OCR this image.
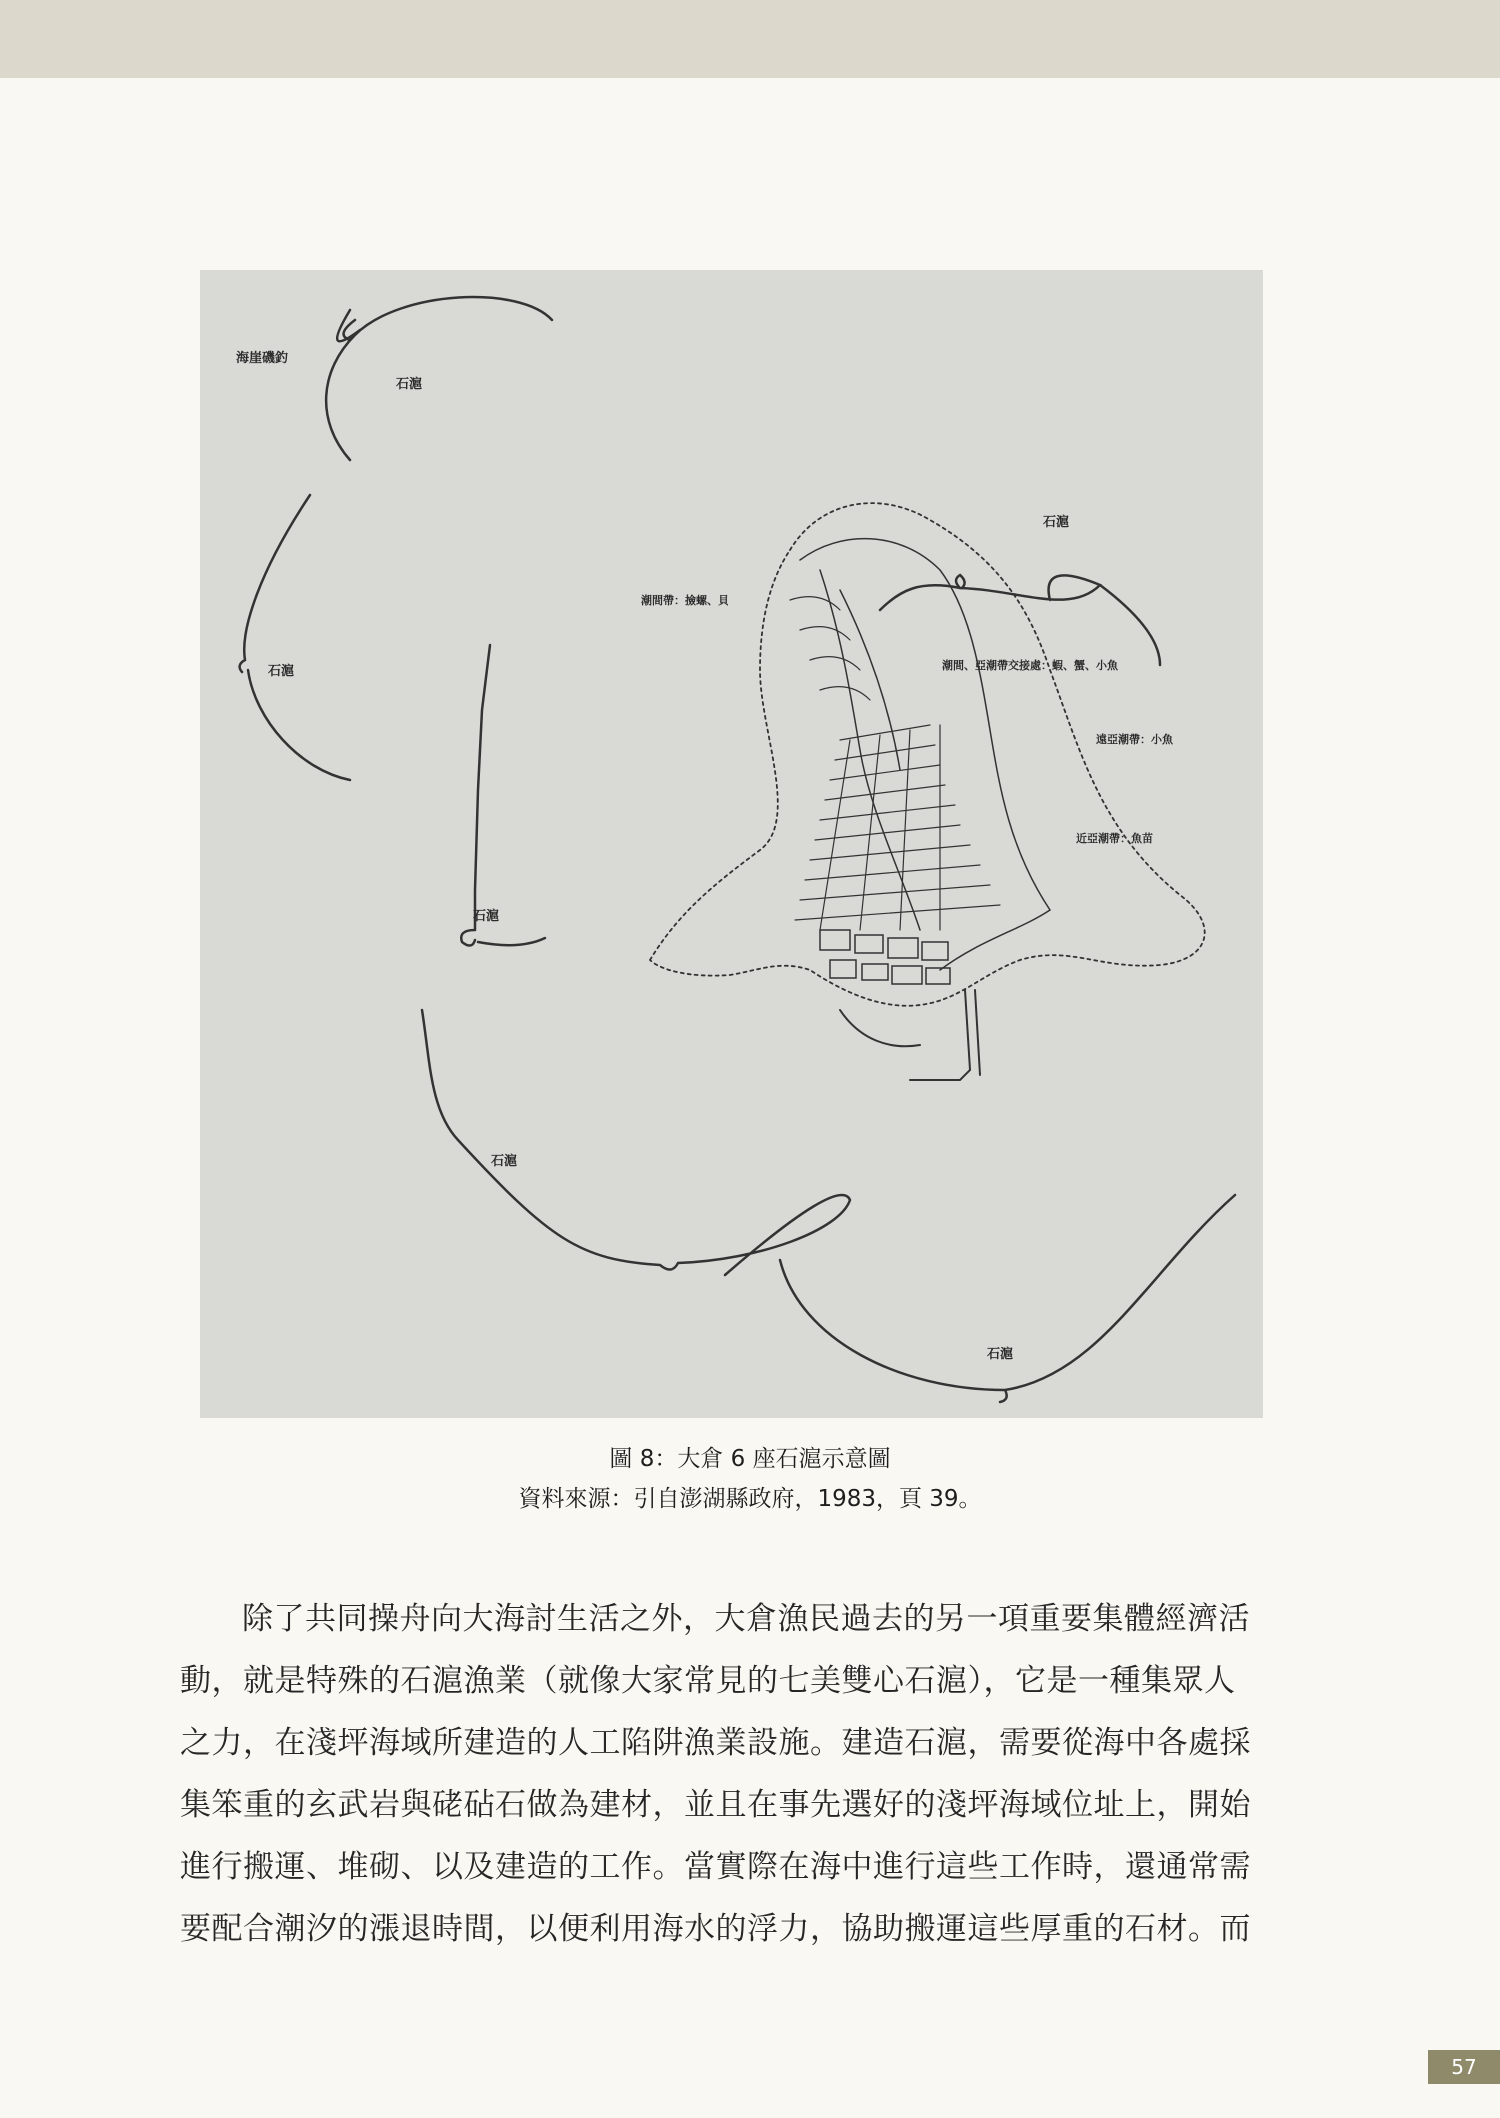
海崖磯釣
石滬
石滬
石滬
石滬
石滬
石滬
潮間帶：撿螺、貝
潮間、亞潮帶交接處：蝦、蟹、小魚
遠亞潮帶：小魚
近亞潮帶：魚苗
圖 8：大倉 6 座石滬示意圖
資料來源：引自澎湖縣政府，1983，頁 39。
除了共同操舟向大海討生活之外，大倉漁民過去的另一項重要集體經濟活
動，就是特殊的石滬漁業（就像大家常見的七美雙心石滬），它是一種集眾人
之力，在淺坪海域所建造的人工陷阱漁業設施。建造石滬，需要從海中各處採
集笨重的玄武岩與硓砧石做為建材，並且在事先選好的淺坪海域位址上，開始
進行搬運、堆砌、以及建造的工作。當實際在海中進行這些工作時，還通常需
要配合潮汐的漲退時間，以便利用海水的浮力，協助搬運這些厚重的石材。而
57
